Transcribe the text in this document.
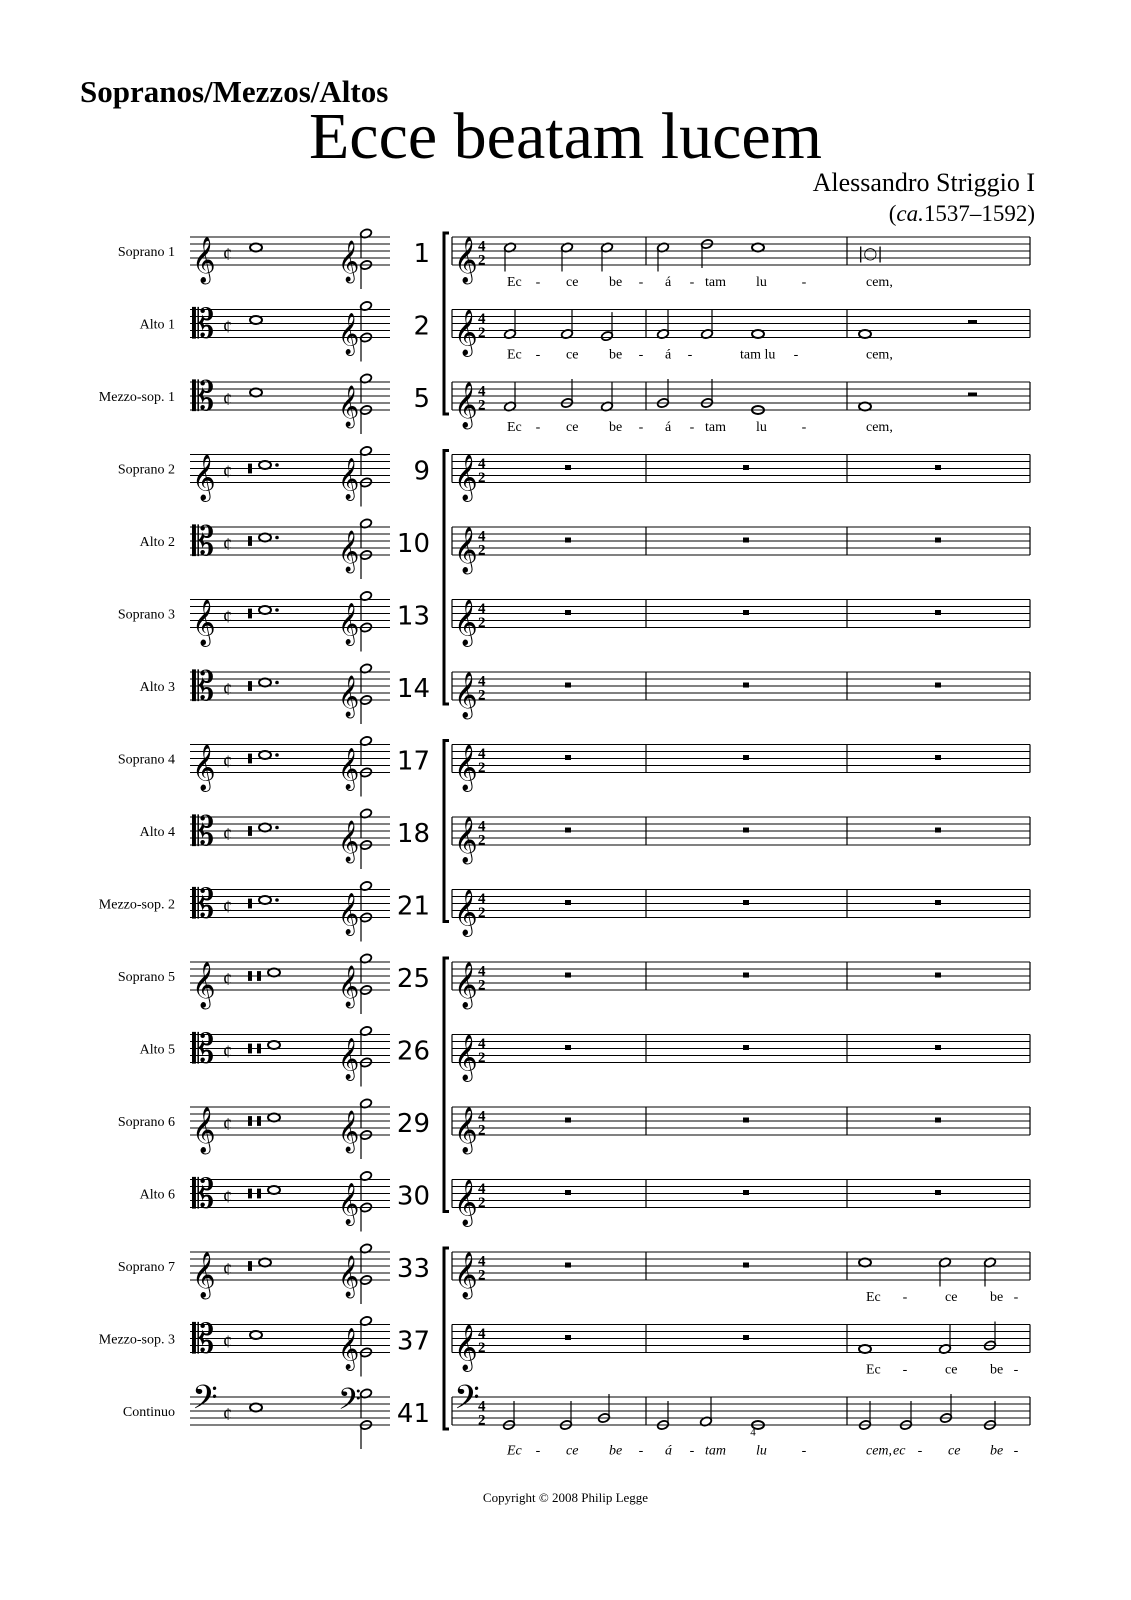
Sopranos/Mezzos/Altos
Ecce beatam lucem
Alessandro Striggio I
(ca.1537–1592)
Soprano 1 𝄞 ¢	𝄞 1 𝄞 4
2	|○|
Ec - ce be - á - tam lu -	cem,
Alto 1 𝄡 ¢	𝄞 2 𝄞 4
2
Ec - ce be - á -	tam lu -	cem,
Mezzo-sop. 1 𝄡 ¢	𝄞 5 𝄞 4
2
Ec - ce be - á - tam lu -	cem,
Soprano 2 𝄞 ¢	𝄞 9 𝄞 4
2
Alto 2 𝄡 ¢	𝄞 10 𝄞 4
2
Soprano 3 𝄞 ¢	𝄞 13 𝄞 4
2
Alto 3 𝄡 ¢	𝄞 14 𝄞 4
2
Soprano 4 𝄞 ¢	𝄞 17 𝄞 4
2
Alto 4 𝄡 ¢	𝄞 18 𝄞 4
2
Mezzo-sop. 2 𝄡 ¢	𝄞 21 𝄞 4
2
Soprano 5 𝄞 ¢	𝄞 25 𝄞 4
2
Alto 5 𝄡 ¢	𝄞 26 𝄞 4
2
Soprano 6 𝄞 ¢	𝄞 29 𝄞 4
2
Alto 6 𝄡 ¢	𝄞 30 𝄞 4
2
Soprano 7 𝄞 ¢	𝄞 33 𝄞 4
2
Ec -	ce be -
Mezzo-sop. 3 𝄡 ¢	𝄞 37 𝄞 4
2
Ec -	ce be -
Continuo 𝄢 ¢	𝄢 41 𝄢
4
2
4
Ec - ce be - á - tam lu -	cem, ec - ce be -
Copyright © 2008 Philip Legge
